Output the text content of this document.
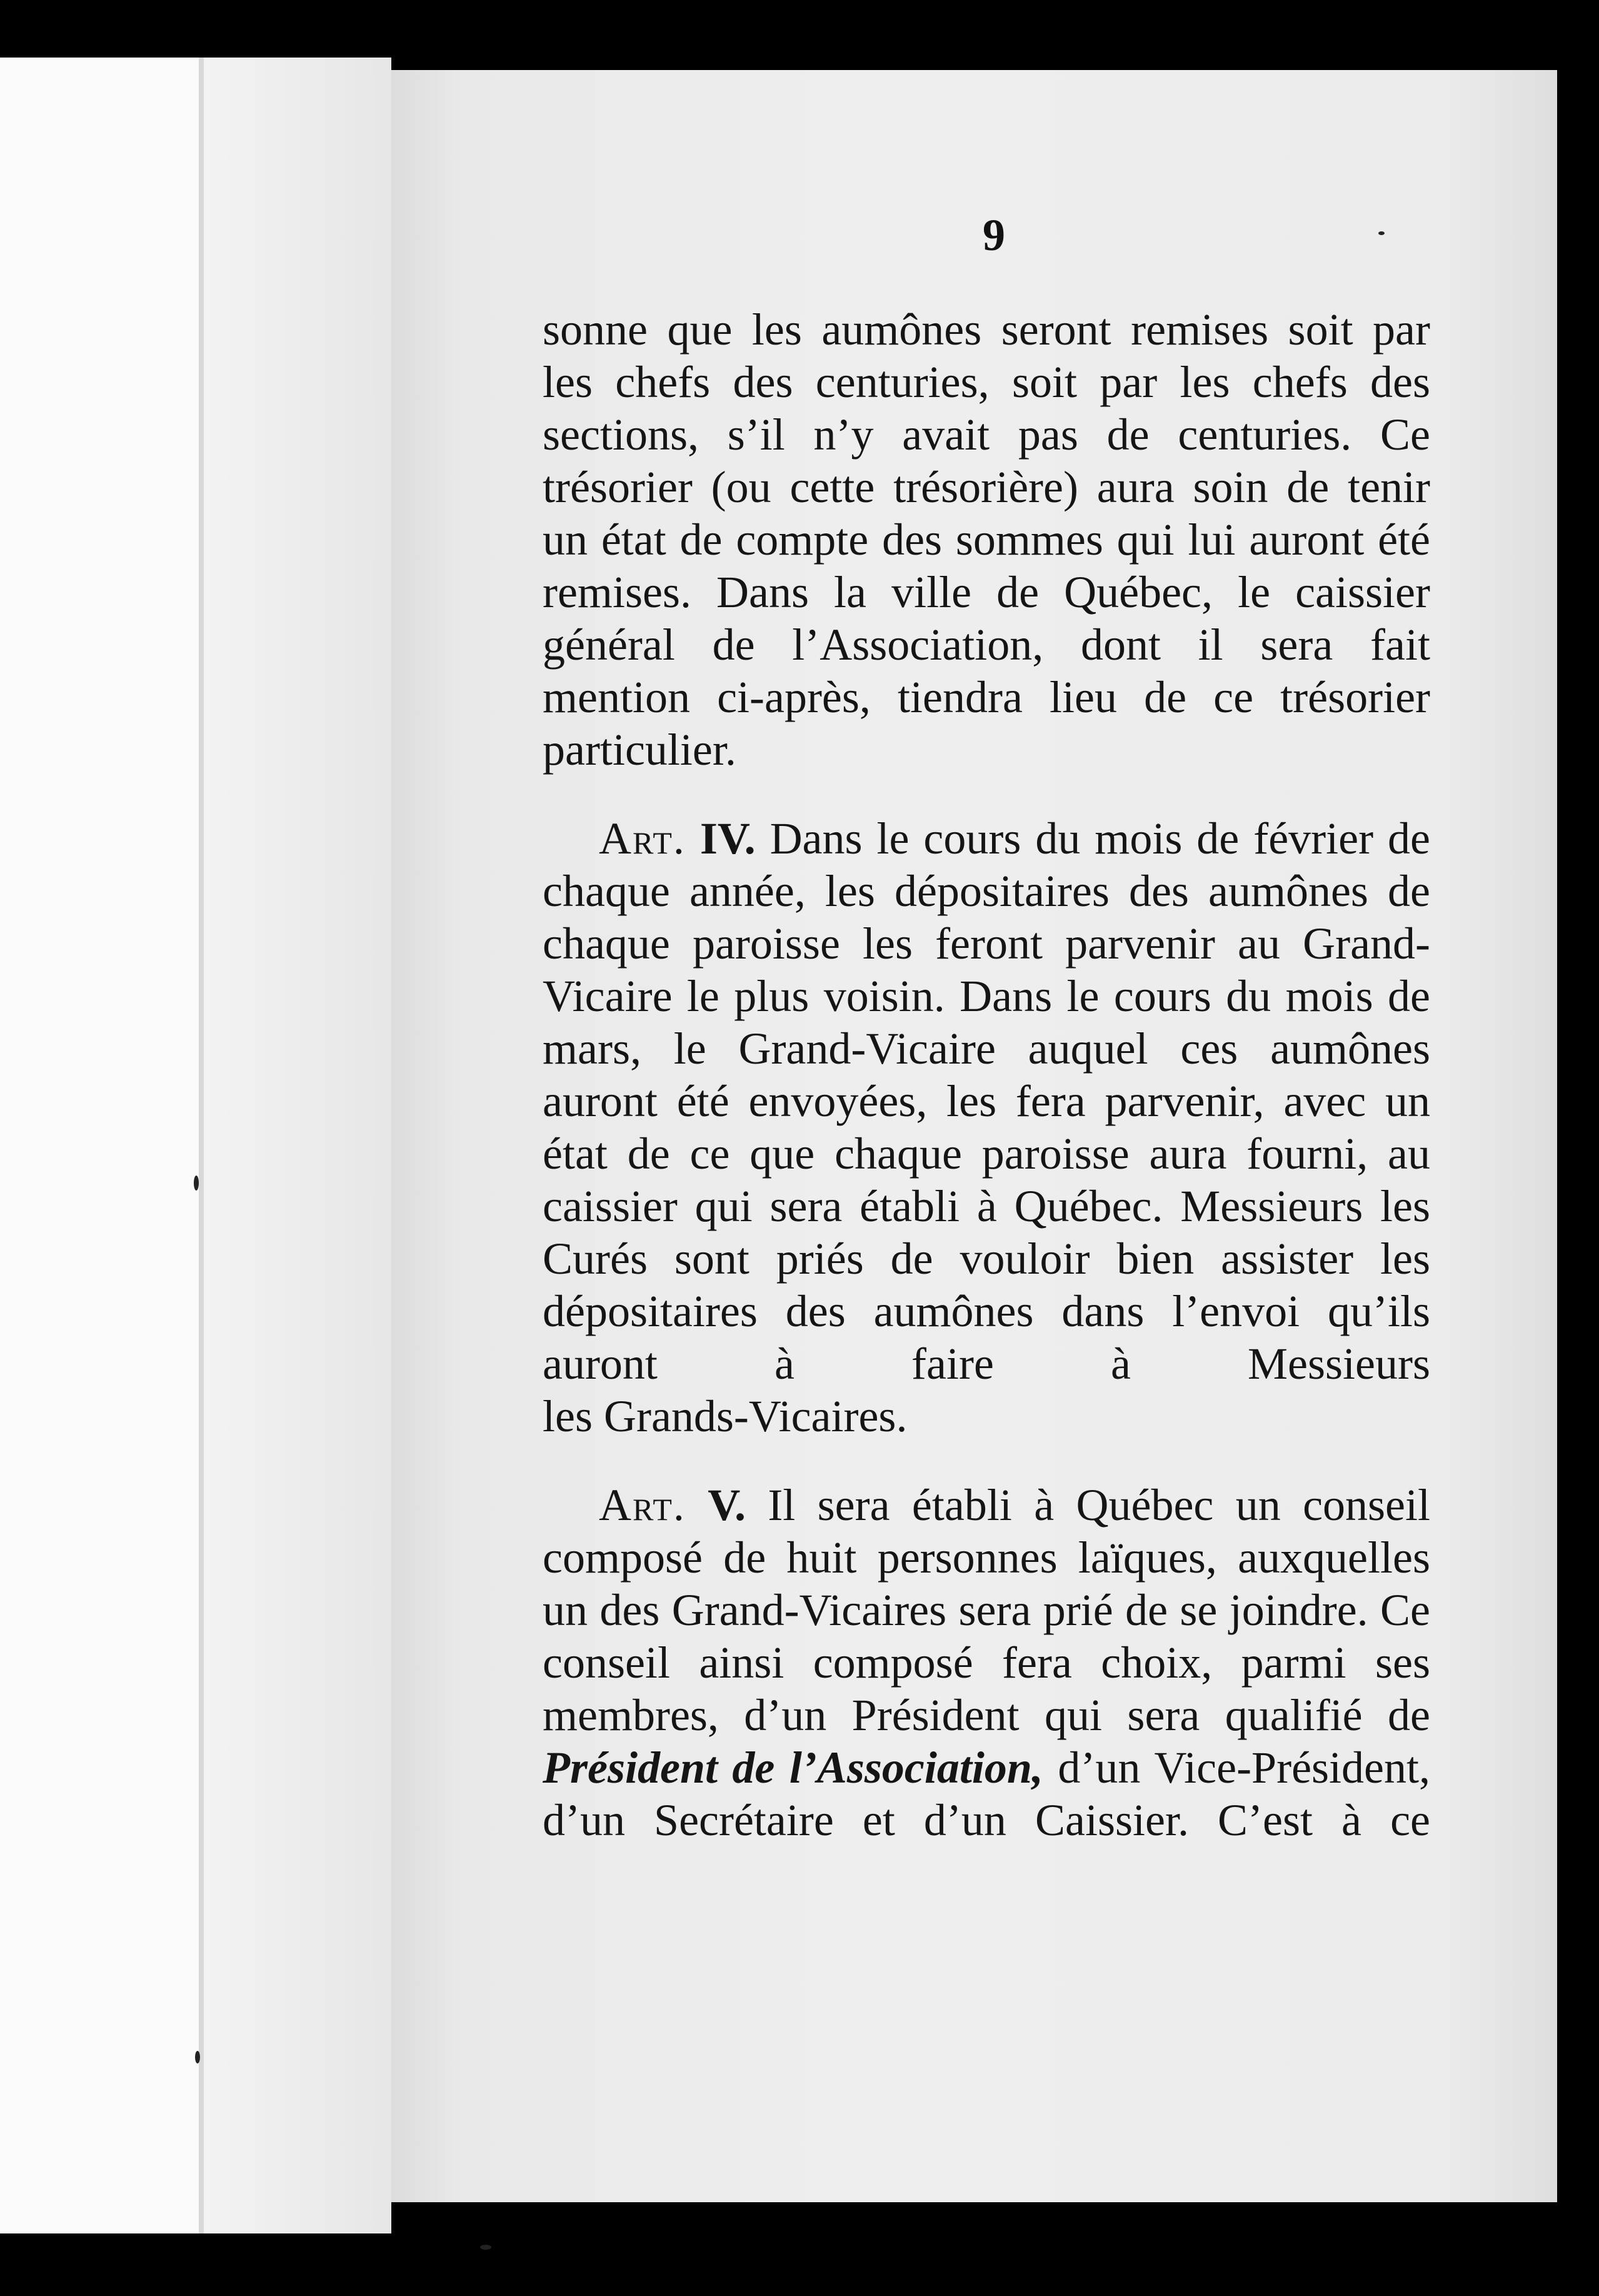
9

sonne que les aumônes seront remises soit par les chefs des centuries, soit par les chefs des sections, s’il n’y avait pas de centuries. Ce trésorier (ou cette trésorière) aura soin de tenir un état de compte des sommes qui lui auront été remises. Dans la ville de Québec, le caissier général de l’Association, dont il sera fait mention ci-après, tiendra lieu de ce trésorier
particulier.

Art. IV. Dans le cours du mois de février de chaque année, les dépositaires des aumônes de chaque paroisse les feront parvenir au Grand-Vicaire le plus voisin. Dans le cours du mois de mars, le Grand-Vicaire auquel ces aumônes auront été envoyées, les fera parvenir, avec un état de ce que chaque paroisse aura fourni, au caissier qui sera établi à Québec. Messieurs les Curés sont priés de vouloir bien assister les dépositaires des aumônes dans l’envoi qu’ils auront à faire à Messieurs
les Grands-Vicaires.

Art. V. Il sera établi à Québec un conseil composé de huit personnes laïques, auxquelles un des Grand-Vicaires sera prié de se joindre. Ce conseil ainsi composé fera choix, parmi ses membres, d’un Président qui sera qualifié de Président de l’Association, d’un Vice-Président, d’un Secrétaire et d’un Caissier. C’est à ce
